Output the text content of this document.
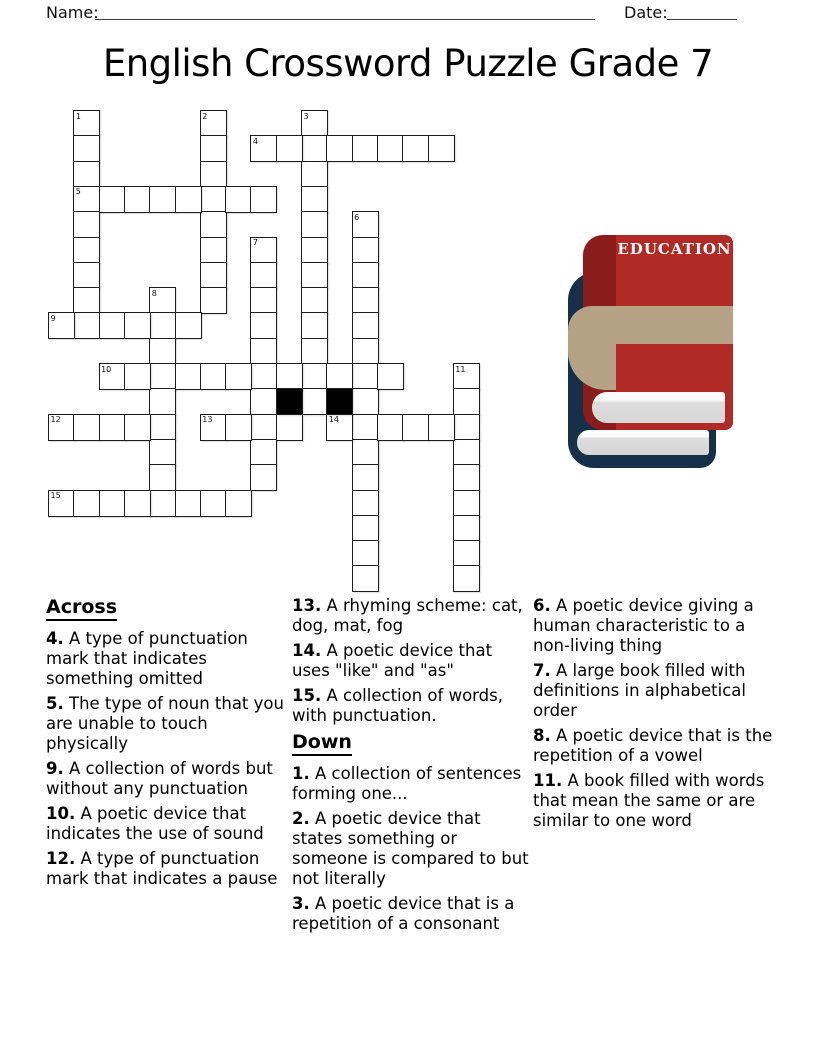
Name:	Date:
English Crossword Puzzle Grade 7
1
5
2	3
4
6
7
8
9
10	11
12	13	14
15
EDUCATION
Across

4. A type of punctuation mark that indicates something omitted

5. The type of noun that you are unable to touch physically

9. A collection of words but without any punctuation

10. A poetic device that indicates the use of sound

12. A type of punctuation mark that indicates a pause

13. A rhyming scheme: cat, dog, mat, fog

14. A poetic device that uses "like" and "as"

15. A collection of words, with punctuation.

Down

1. A collection of sentences forming one...

2. A poetic device that states something or someone is compared to but not literally

3. A poetic device that is a repetition of a consonant

6. A poetic device giving a human characteristic to a non-living thing

7. A large book filled with definitions in alphabetical order

8. A poetic device that is the repetition of a vowel

11. A book filled with words that mean the same or are similar to one word
